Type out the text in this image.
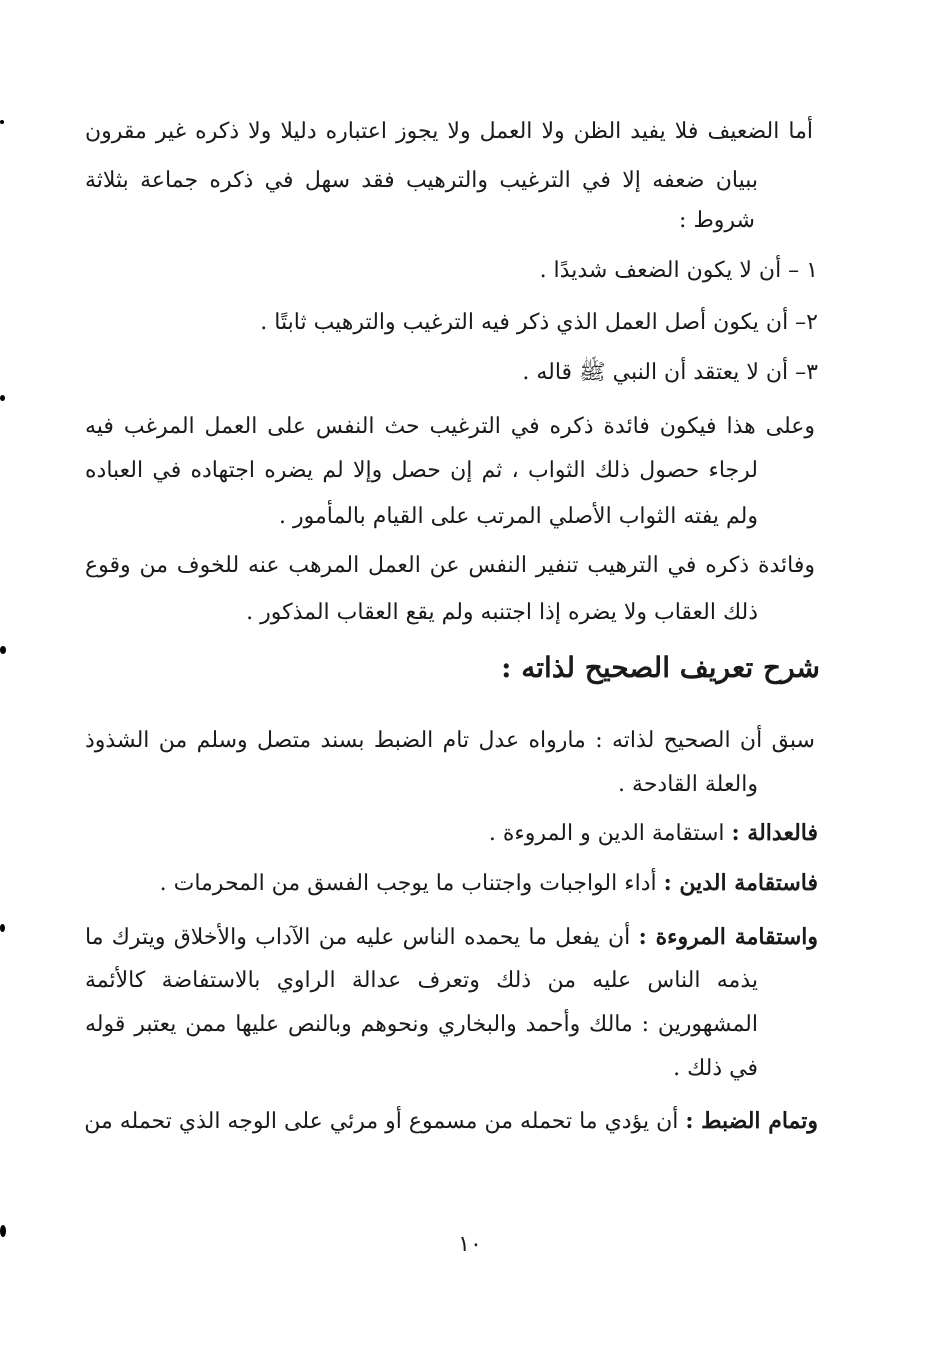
أما الضعيف فلا يفيد الظن ولا العمل ولا يجوز اعتباره دليلا ولا ذكره غير مقرون
ببيان ضعفه إلا في الترغيب والترهيب فقد سهل في ذكره جماعة بثلاثة
شروط :
١ – أن لا يكون الضعف شديدًا .
٢– أن يكون أصل العمل الذي ذكر فيه الترغيب والترهيب ثابتًا .
٣– أن لا يعتقد أن النبي ﷺ قاله .
وعلى هذا فيكون فائدة ذكره في الترغيب حث النفس على العمل المرغب فيه
لرجاء حصول ذلك الثواب ، ثم إن حصل وإلا لم يضره اجتهاده في العباده
ولم يفته الثواب الأصلي المرتب على القيام بالمأمور .
وفائدة ذكره في الترهيب تنفير النفس عن العمل المرهب عنه للخوف من وقوع
ذلك العقاب ولا يضره إذا اجتنبه ولم يقع العقاب المذكور .
شرح تعريف الصحيح لذاته :
سبق أن الصحيح لذاته : مارواه عدل تام الضبط بسند متصل وسلم من الشذوذ
والعلة القادحة .
فالعدالة : استقامة الدين و المروءة .
فاستقامة الدين : أداء الواجبات واجتناب ما يوجب الفسق من المحرمات .
واستقامة المروءة : أن يفعل ما يحمده الناس عليه من الآداب والأخلاق ويترك ما
يذمه الناس عليه من ذلك وتعرف عدالة الراوي بالاستفاضة كالأئمة
المشهورين : مالك وأحمد والبخاري ونحوهم وبالنص عليها ممن يعتبر قوله
في ذلك .
وتمام الضبط : أن يؤدي ما تحمله من مسموع أو مرئي على الوجه الذي تحمله من
١٠
